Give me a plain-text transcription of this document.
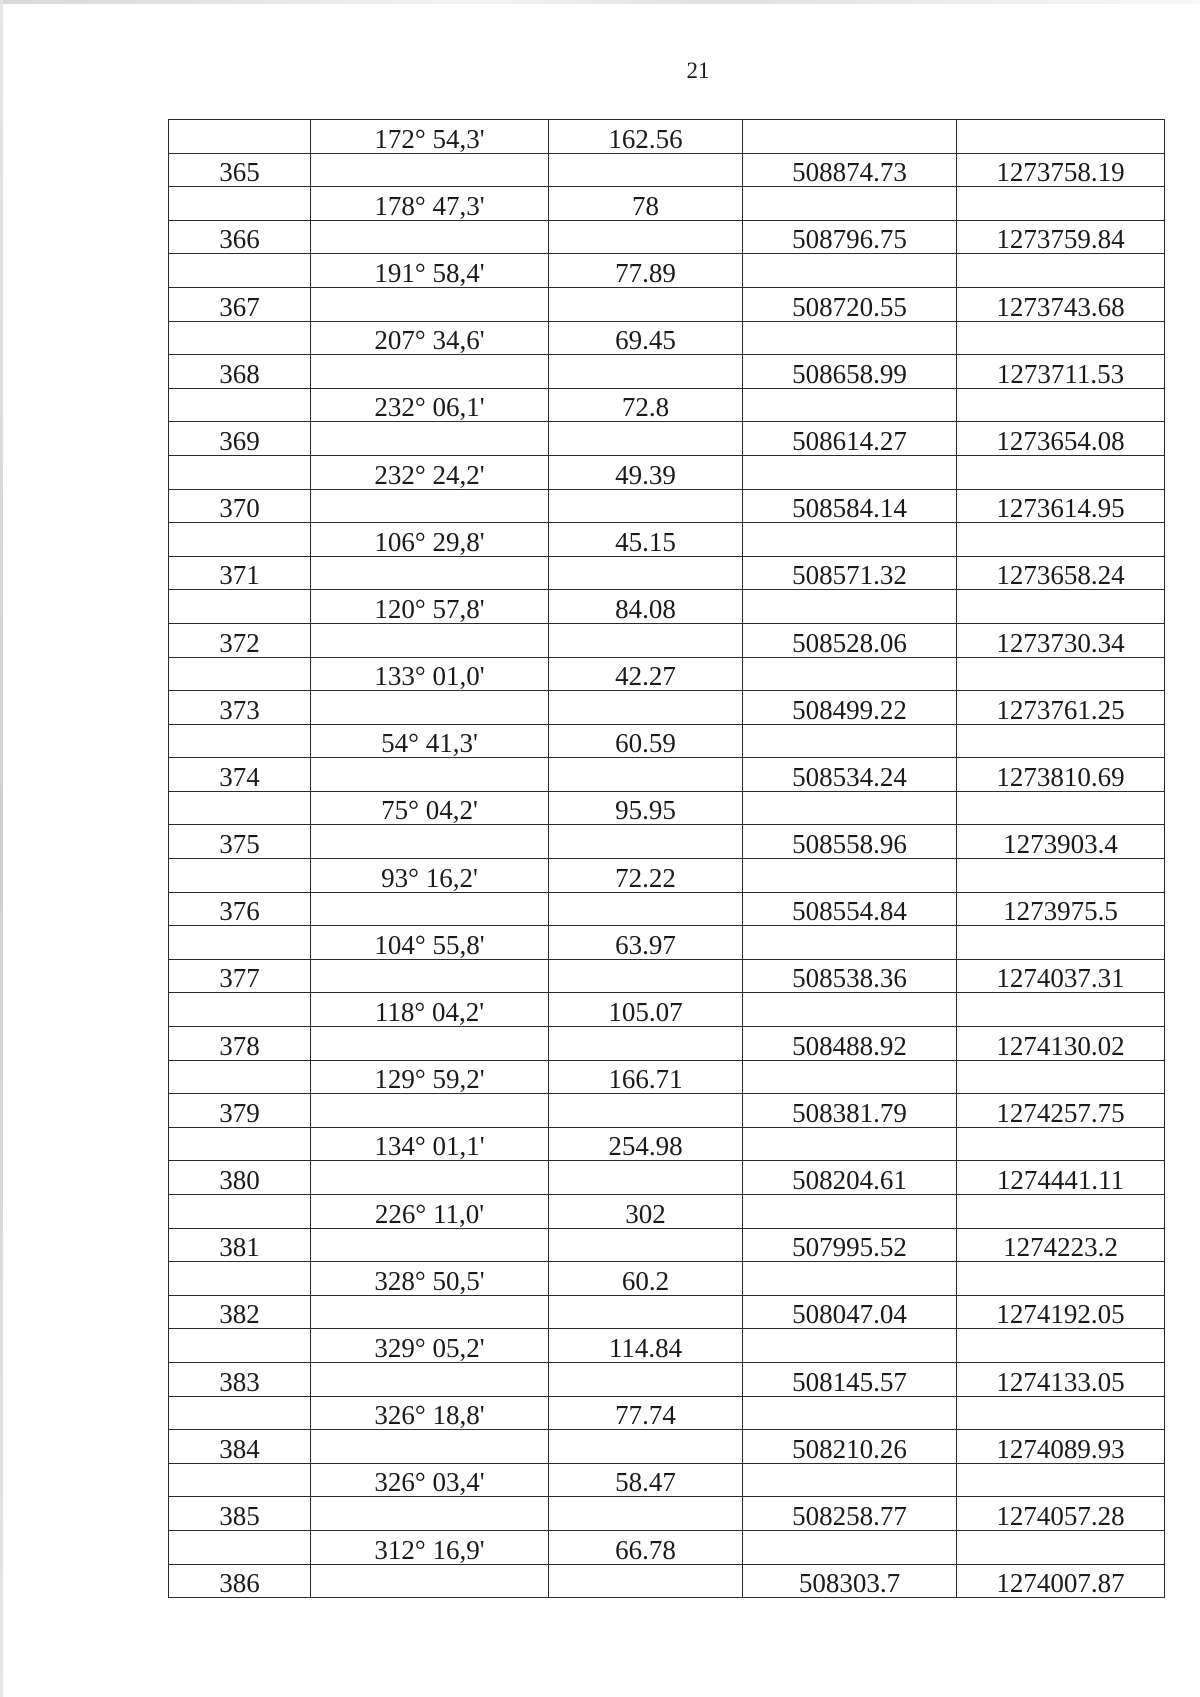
21
	172° 54,3'	162.56		
365			508874.73	1273758.19
	178° 47,3'	78		
366			508796.75	1273759.84
	191° 58,4'	77.89		
367			508720.55	1273743.68
	207° 34,6'	69.45		
368			508658.99	1273711.53
	232° 06,1'	72.8		
369			508614.27	1273654.08
	232° 24,2'	49.39		
370			508584.14	1273614.95
	106° 29,8'	45.15		
371			508571.32	1273658.24
	120° 57,8'	84.08		
372			508528.06	1273730.34
	133° 01,0'	42.27		
373			508499.22	1273761.25
	54° 41,3'	60.59		
374			508534.24	1273810.69
	75° 04,2'	95.95		
375			508558.96	1273903.4
	93° 16,2'	72.22		
376			508554.84	1273975.5
	104° 55,8'	63.97		
377			508538.36	1274037.31
	118° 04,2'	105.07		
378			508488.92	1274130.02
	129° 59,2'	166.71		
379			508381.79	1274257.75
	134° 01,1'	254.98		
380			508204.61	1274441.11
	226° 11,0'	302		
381			507995.52	1274223.2
	328° 50,5'	60.2		
382			508047.04	1274192.05
	329° 05,2'	114.84		
383			508145.57	1274133.05
	326° 18,8'	77.74		
384			508210.26	1274089.93
	326° 03,4'	58.47		
385			508258.77	1274057.28
	312° 16,9'	66.78		
386			508303.7	1274007.87
